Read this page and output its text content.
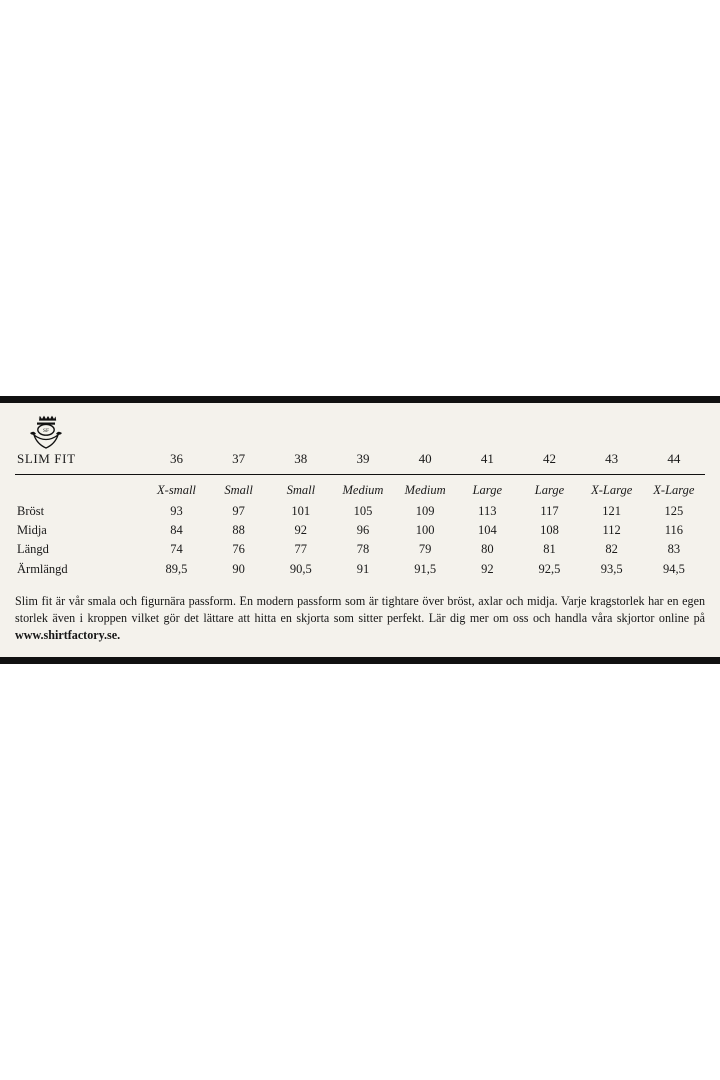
SF
SLIM FIT	36	37	38	39	40	41	42	43	44
	X-small	Small	Small	Medium	Medium	Large	Large	X-Large	X-Large
Bröst	93	97	101	105	109	113	117	121	125
Midja	84	88	92	96	100	104	108	112	116
Längd	74	76	77	78	79	80	81	82	83
Ärmlängd	89,5	90	90,5	91	91,5	92	92,5	93,5	94,5

Slim fit är vår smala och figurnära passform. En modern passform som är tightare över bröst, axlar och midja. Varje kragstorlek har en egen storlek även i kroppen vilket gör det lättare att hitta en skjorta som sitter perfekt. Lär dig mer om oss och handla våra skjortor online på www.shirtfactory.se.
